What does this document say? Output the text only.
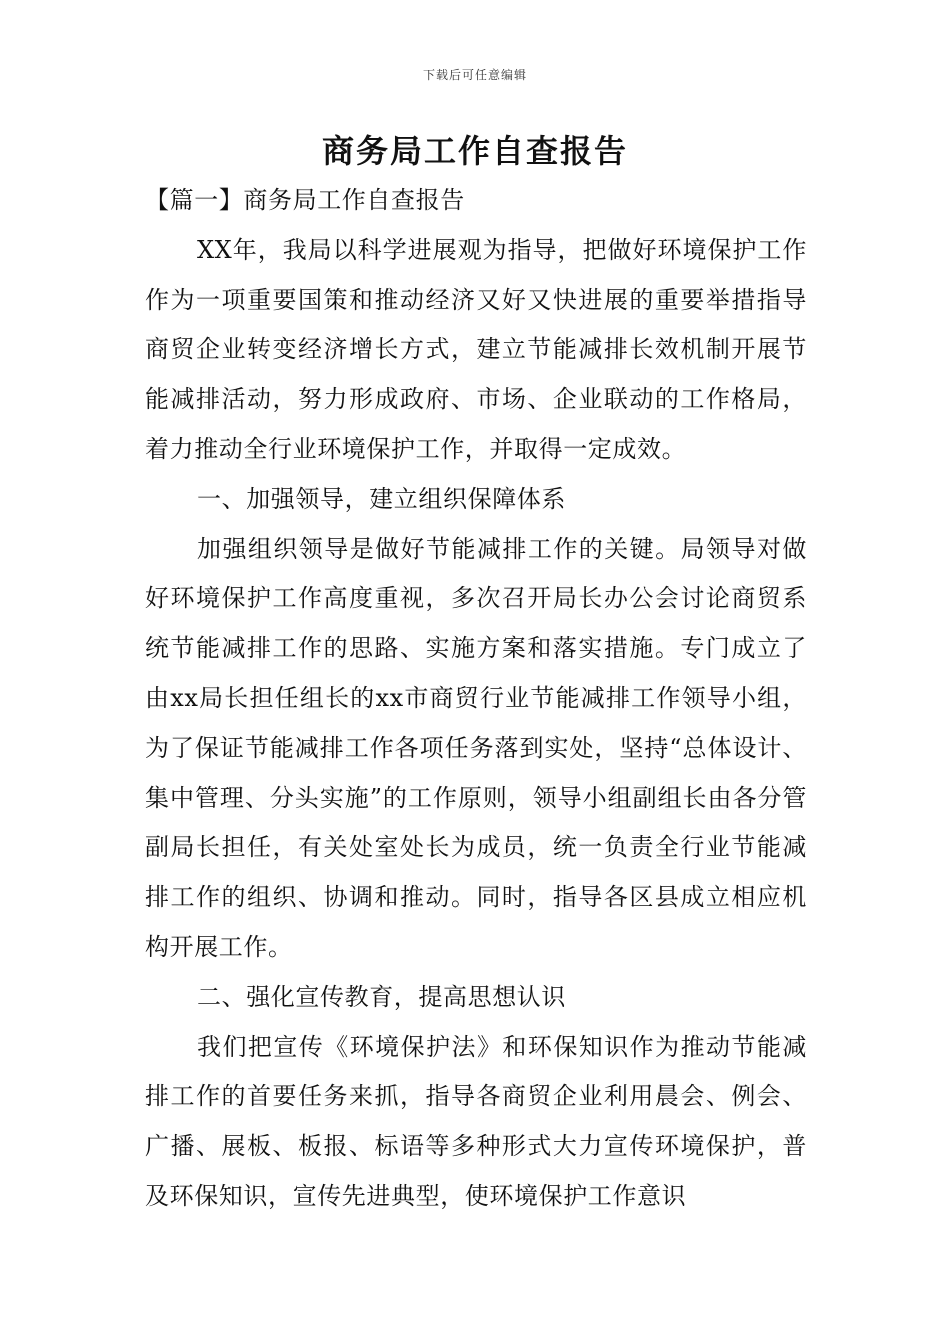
下载后可任意编辑
商务局工作自查报告

【篇一】商务局工作自查报告

XX年，我局以科学进展观为指导，把做好环境保护工作作为一项重要国策和推动经济又好又快进展的重要举措指导商贸企业转变经济增长方式，建立节能减排长效机制开展节能减排活动，努力形成政府、市场、企业联动的工作格局，着力推动全行业环境保护工作，并取得一定成效。

一、加强领导，建立组织保障体系

加强组织领导是做好节能减排工作的关键。局领导对做好环境保护工作高度重视，多次召开局长办公会讨论商贸系统节能减排工作的思路、实施方案和落实措施。专门成立了由xx局长担任组长的xx市商贸行业节能减排工作领导小组，为了保证节能减排工作各项任务落到实处，坚持“总体设计、集中管理、分头实施”的工作原则，领导小组副组长由各分管副局长担任，有关处室处长为成员，统一负责全行业节能减排工作的组织、协调和推动。同时，指导各区县成立相应机构开展工作。

二、强化宣传教育，提高思想认识

我们把宣传《环境保护法》和环保知识作为推动节能减排工作的首要任务来抓，指导各商贸企业利用晨会、例会、广播、展板、板报、标语等多种形式大力宣传环境保护，普及环保知识，宣传先进典型，使环境保护工作意识
